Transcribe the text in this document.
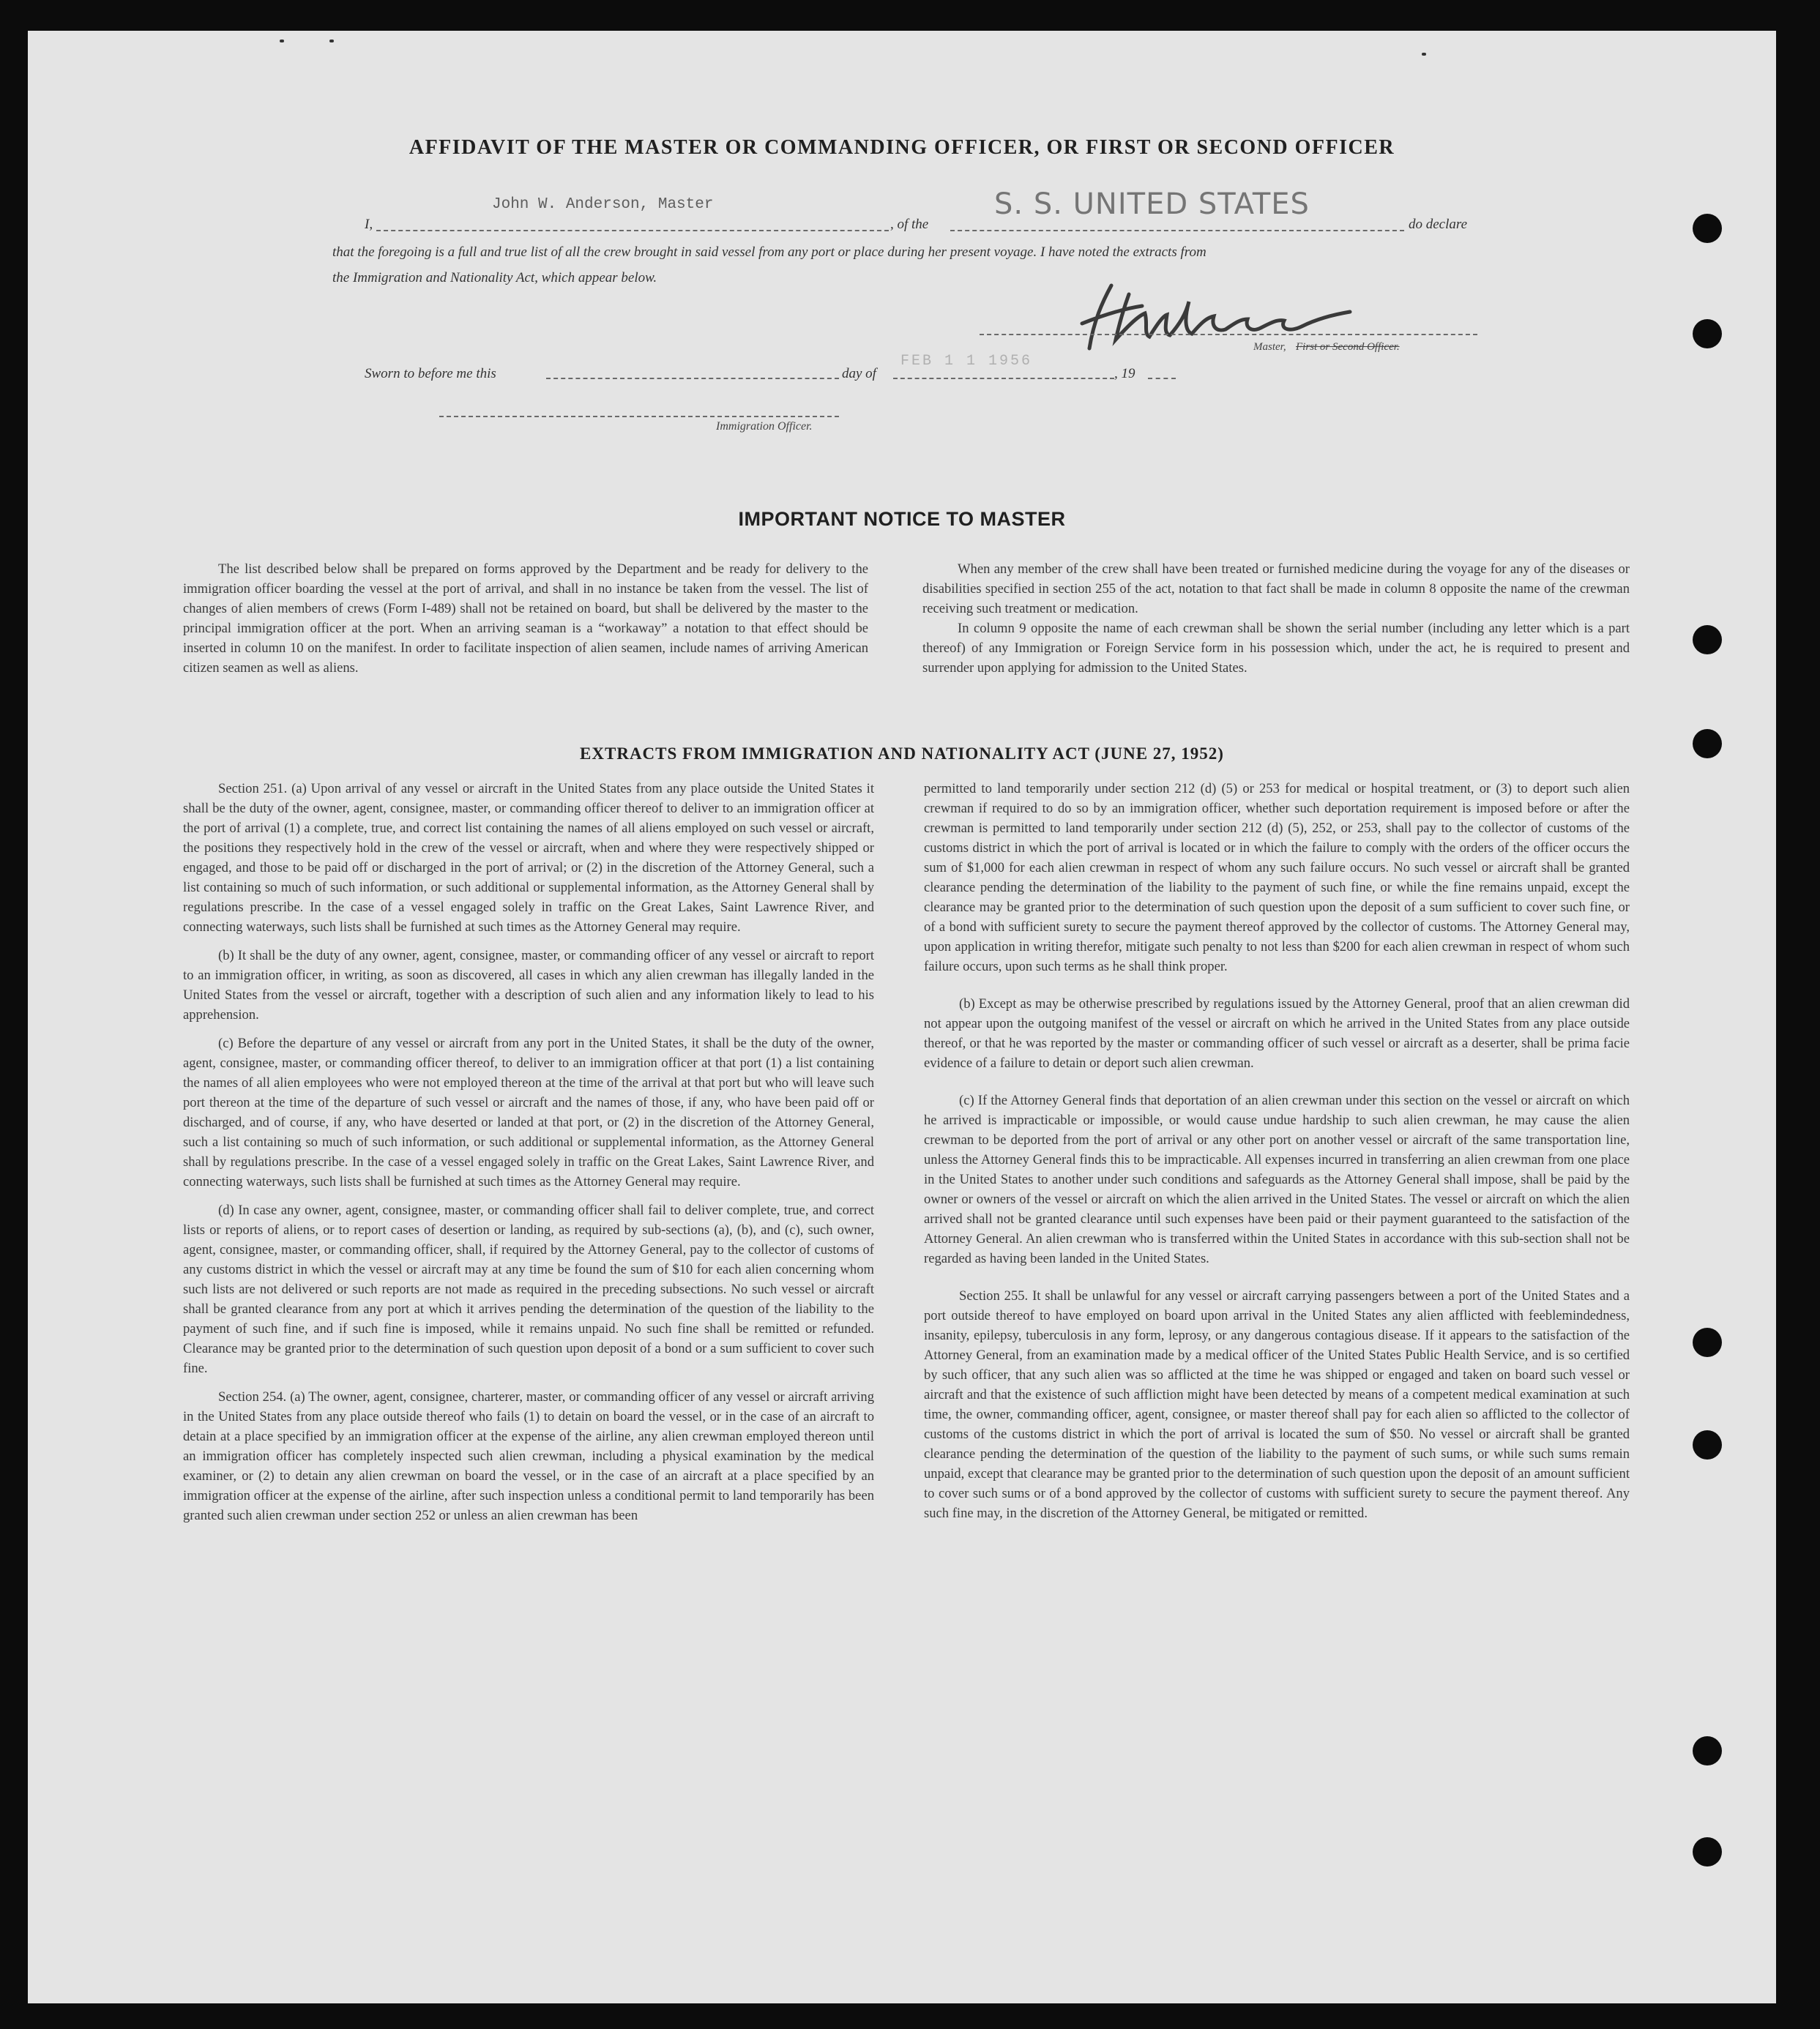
AFFIDAVIT OF THE MASTER OR COMMANDING OFFICER, OR FIRST OR SECOND OFFICER
I,
John W. Anderson, Master
, of the
S. S. UNITED STATES
do declare
that the foregoing is a full and true list of all the crew brought in said vessel from any port or place during her present voyage. I have noted the extracts from
the Immigration and Nationality Act, which appear below.
Master, First or Second Officer.
Sworn to before me this	day of
FEB 1 1 1956
, 19
Immigration Officer.
IMPORTANT NOTICE TO MASTER

The list described below shall be prepared on forms approved by the Department and be ready for delivery to the immigration officer boarding the vessel at the port of arrival, and shall in no instance be taken from the vessel. The list of changes of alien members of crews (Form I-489) shall not be retained on board, but shall be delivered by the master to the principal immigration officer at the port. When an arriving seaman is a “workaway” a notation to that effect should be inserted in column 10 on the manifest. In order to facilitate inspection of alien seamen, include names of arriving American citizen seamen as well as aliens.

When any member of the crew shall have been treated or furnished medicine during the voyage for any of the diseases or disabilities specified in section 255 of the act, notation to that fact shall be made in column 8 opposite the name of the crewman receiving such treatment or medication.

In column 9 opposite the name of each crewman shall be shown the serial number (including any letter which is a part thereof) of any Immigration or Foreign Service form in his possession which, under the act, he is required to present and surrender upon applying for admission to the United States.

EXTRACTS FROM IMMIGRATION AND NATIONALITY ACT (JUNE 27, 1952)

Section 251. (a) Upon arrival of any vessel or aircraft in the United States from any place outside the United States it shall be the duty of the owner, agent, consignee, master, or commanding officer thereof to deliver to an immigration officer at the port of arrival (1) a complete, true, and correct list containing the names of all aliens employed on such vessel or aircraft, the positions they respectively hold in the crew of the vessel or aircraft, when and where they were respectively shipped or engaged, and those to be paid off or discharged in the port of arrival; or (2) in the discretion of the Attorney General, such a list containing so much of such information, or such additional or supplemental information, as the Attorney General shall by regulations prescribe. In the case of a vessel engaged solely in traffic on the Great Lakes, Saint Lawrence River, and connecting waterways, such lists shall be furnished at such times as the Attorney General may require.

(b) It shall be the duty of any owner, agent, consignee, master, or commanding officer of any vessel or aircraft to report to an immigration officer, in writing, as soon as discovered, all cases in which any alien crewman has illegally landed in the United States from the vessel or aircraft, together with a description of such alien and any information likely to lead to his apprehension.

(c) Before the departure of any vessel or aircraft from any port in the United States, it shall be the duty of the owner, agent, consignee, master, or commanding officer thereof, to deliver to an immigration officer at that port (1) a list containing the names of all alien employees who were not employed thereon at the time of the arrival at that port but who will leave such port thereon at the time of the departure of such vessel or aircraft and the names of those, if any, who have been paid off or discharged, and of course, if any, who have deserted or landed at that port, or (2) in the discretion of the Attorney General, such a list containing so much of such information, or such additional or supplemental information, as the Attorney General shall by regulations prescribe. In the case of a vessel engaged solely in traffic on the Great Lakes, Saint Lawrence River, and connecting waterways, such lists shall be furnished at such times as the Attorney General may require.

(d) In case any owner, agent, consignee, master, or commanding officer shall fail to deliver complete, true, and correct lists or reports of aliens, or to report cases of desertion or landing, as required by sub-sections (a), (b), and (c), such owner, agent, consignee, master, or commanding officer, shall, if required by the Attorney General, pay to the collector of customs of any customs district in which the vessel or aircraft may at any time be found the sum of $10 for each alien concerning whom such lists are not delivered or such reports are not made as required in the preceding subsections. No such vessel or aircraft shall be granted clearance from any port at which it arrives pending the determination of the question of the liability to the payment of such fine, and if such fine is imposed, while it remains unpaid. No such fine shall be remitted or refunded. Clearance may be granted prior to the determination of such question upon deposit of a bond or a sum sufficient to cover such fine.

Section 254. (a) The owner, agent, consignee, charterer, master, or commanding officer of any vessel or aircraft arriving in the United States from any place outside thereof who fails (1) to detain on board the vessel, or in the case of an aircraft to detain at a place specified by an immigration officer at the expense of the airline, any alien crewman employed thereon until an immigration officer has completely inspected such alien crewman, including a physical examination by the medical examiner, or (2) to detain any alien crewman on board the vessel, or in the case of an aircraft at a place specified by an immigration officer at the expense of the airline, after such inspection unless a conditional permit to land temporarily has been granted such alien crewman under section 252 or unless an alien crewman has been

permitted to land temporarily under section 212 (d) (5) or 253 for medical or hospital treatment, or (3) to deport such alien crewman if required to do so by an immigration officer, whether such deportation requirement is imposed before or after the crewman is permitted to land temporarily under section 212 (d) (5), 252, or 253, shall pay to the collector of customs of the customs district in which the port of arrival is located or in which the failure to comply with the orders of the officer occurs the sum of $1,000 for each alien crewman in respect of whom any such failure occurs. No such vessel or aircraft shall be granted clearance pending the determination of the liability to the payment of such fine, or while the fine remains unpaid, except the clearance may be granted prior to the determination of such question upon the deposit of a sum sufficient to cover such fine, or of a bond with sufficient surety to secure the payment thereof approved by the collector of customs. The Attorney General may, upon application in writing therefor, mitigate such penalty to not less than $200 for each alien crewman in respect of whom such failure occurs, upon such terms as he shall think proper.

(b) Except as may be otherwise prescribed by regulations issued by the Attorney General, proof that an alien crewman did not appear upon the outgoing manifest of the vessel or aircraft on which he arrived in the United States from any place outside thereof, or that he was reported by the master or commanding officer of such vessel or aircraft as a deserter, shall be prima facie evidence of a failure to detain or deport such alien crewman.

(c) If the Attorney General finds that deportation of an alien crewman under this section on the vessel or aircraft on which he arrived is impracticable or impossible, or would cause undue hardship to such alien crewman, he may cause the alien crewman to be deported from the port of arrival or any other port on another vessel or aircraft of the same transportation line, unless the Attorney General finds this to be impracticable. All expenses incurred in transferring an alien crewman from one place in the United States to another under such conditions and safeguards as the Attorney General shall impose, shall be paid by the owner or owners of the vessel or aircraft on which the alien arrived in the United States. The vessel or aircraft on which the alien arrived shall not be granted clearance until such expenses have been paid or their payment guaranteed to the satisfaction of the Attorney General. An alien crewman who is transferred within the United States in accordance with this sub-section shall not be regarded as having been landed in the United States.

Section 255. It shall be unlawful for any vessel or aircraft carrying passengers between a port of the United States and a port outside thereof to have employed on board upon arrival in the United States any alien afflicted with feeblemindedness, insanity, epilepsy, tuberculosis in any form, leprosy, or any dangerous contagious disease. If it appears to the satisfaction of the Attorney General, from an examination made by a medical officer of the United States Public Health Service, and is so certified by such officer, that any such alien was so afflicted at the time he was shipped or engaged and taken on board such vessel or aircraft and that the existence of such affliction might have been detected by means of a competent medical examination at such time, the owner, commanding officer, agent, consignee, or master thereof shall pay for each alien so afflicted to the collector of customs of the customs district in which the port of arrival is located the sum of $50. No vessel or aircraft shall be granted clearance pending the determination of the question of the liability to the payment of such sums, or while such sums remain unpaid, except that clearance may be granted prior to the determination of such question upon the deposit of an amount sufficient to cover such sums or of a bond approved by the collector of customs with sufficient surety to secure the payment thereof. Any such fine may, in the discretion of the Attorney General, be mitigated or remitted.
